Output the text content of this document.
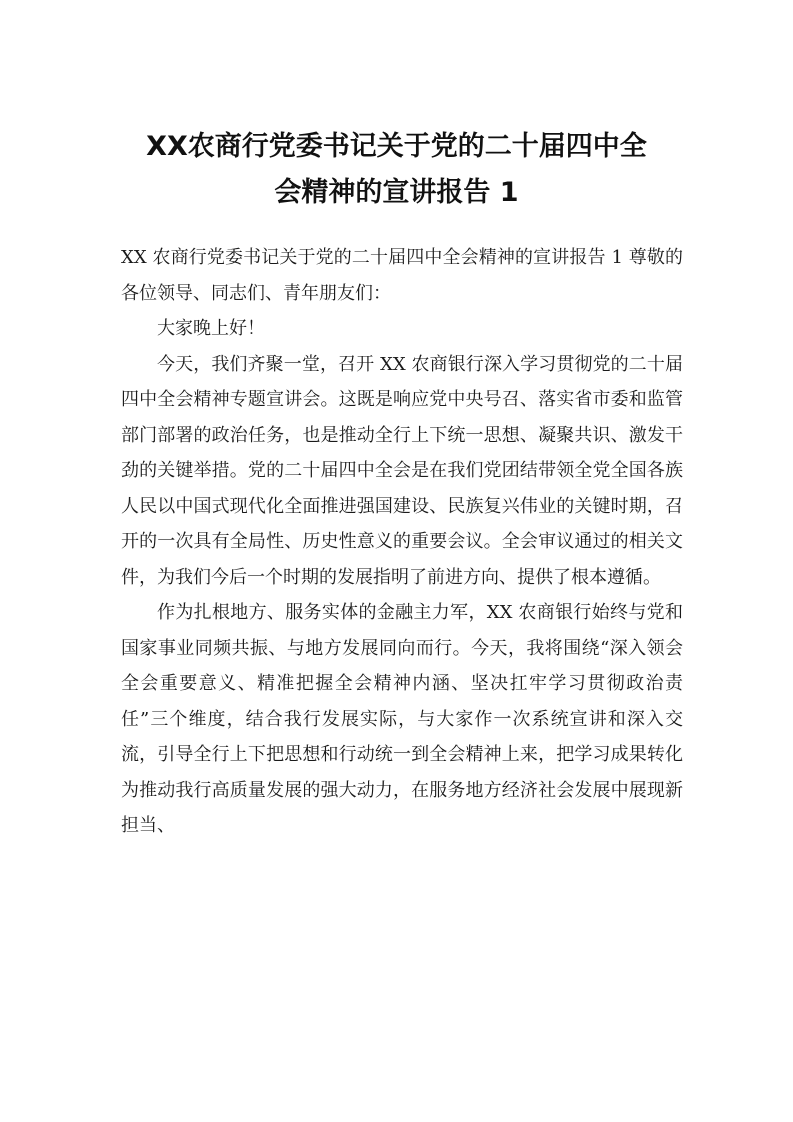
XX农商行党委书记关于党的二十届四中全
会精神的宣讲报告 1

XX 农商行党委书记关于党的二十届四中全会精神的宣讲报告 1 尊敬的各位领导、同志们、青年朋友们：

大家晚上好！

今天，我们齐聚一堂，召开 XX 农商银行深入学习贯彻党的二十届四中全会精神专题宣讲会。这既是响应党中央号召、落实省市委和监管部门部署的政治任务，也是推动全行上下统一思想、凝聚共识、激发干劲的关键举措。党的二十届四中全会是在我们党团结带领全党全国各族人民以中国式现代化全面推进强国建设、民族复兴伟业的关键时期，召开的一次具有全局性、历史性意义的重要会议。全会审议通过的相关文件，为我们今后一个时期的发展指明了前进方向、提供了根本遵循。

作为扎根地方、服务实体的金融主力军，XX 农商银行始终与党和国家事业同频共振、与地方发展同向而行。今天，我将围绕“深入领会全会重要意义、精准把握全会精神内涵、坚决扛牢学习贯彻政治责任”三个维度，结合我行发展实际，与大家作一次系统宣讲和深入交流，引导全行上下把思想和行动统一到全会精神上来，把学习成果转化为推动我行高质量发展的强大动力，在服务地方经济社会发展中展现新担当、
